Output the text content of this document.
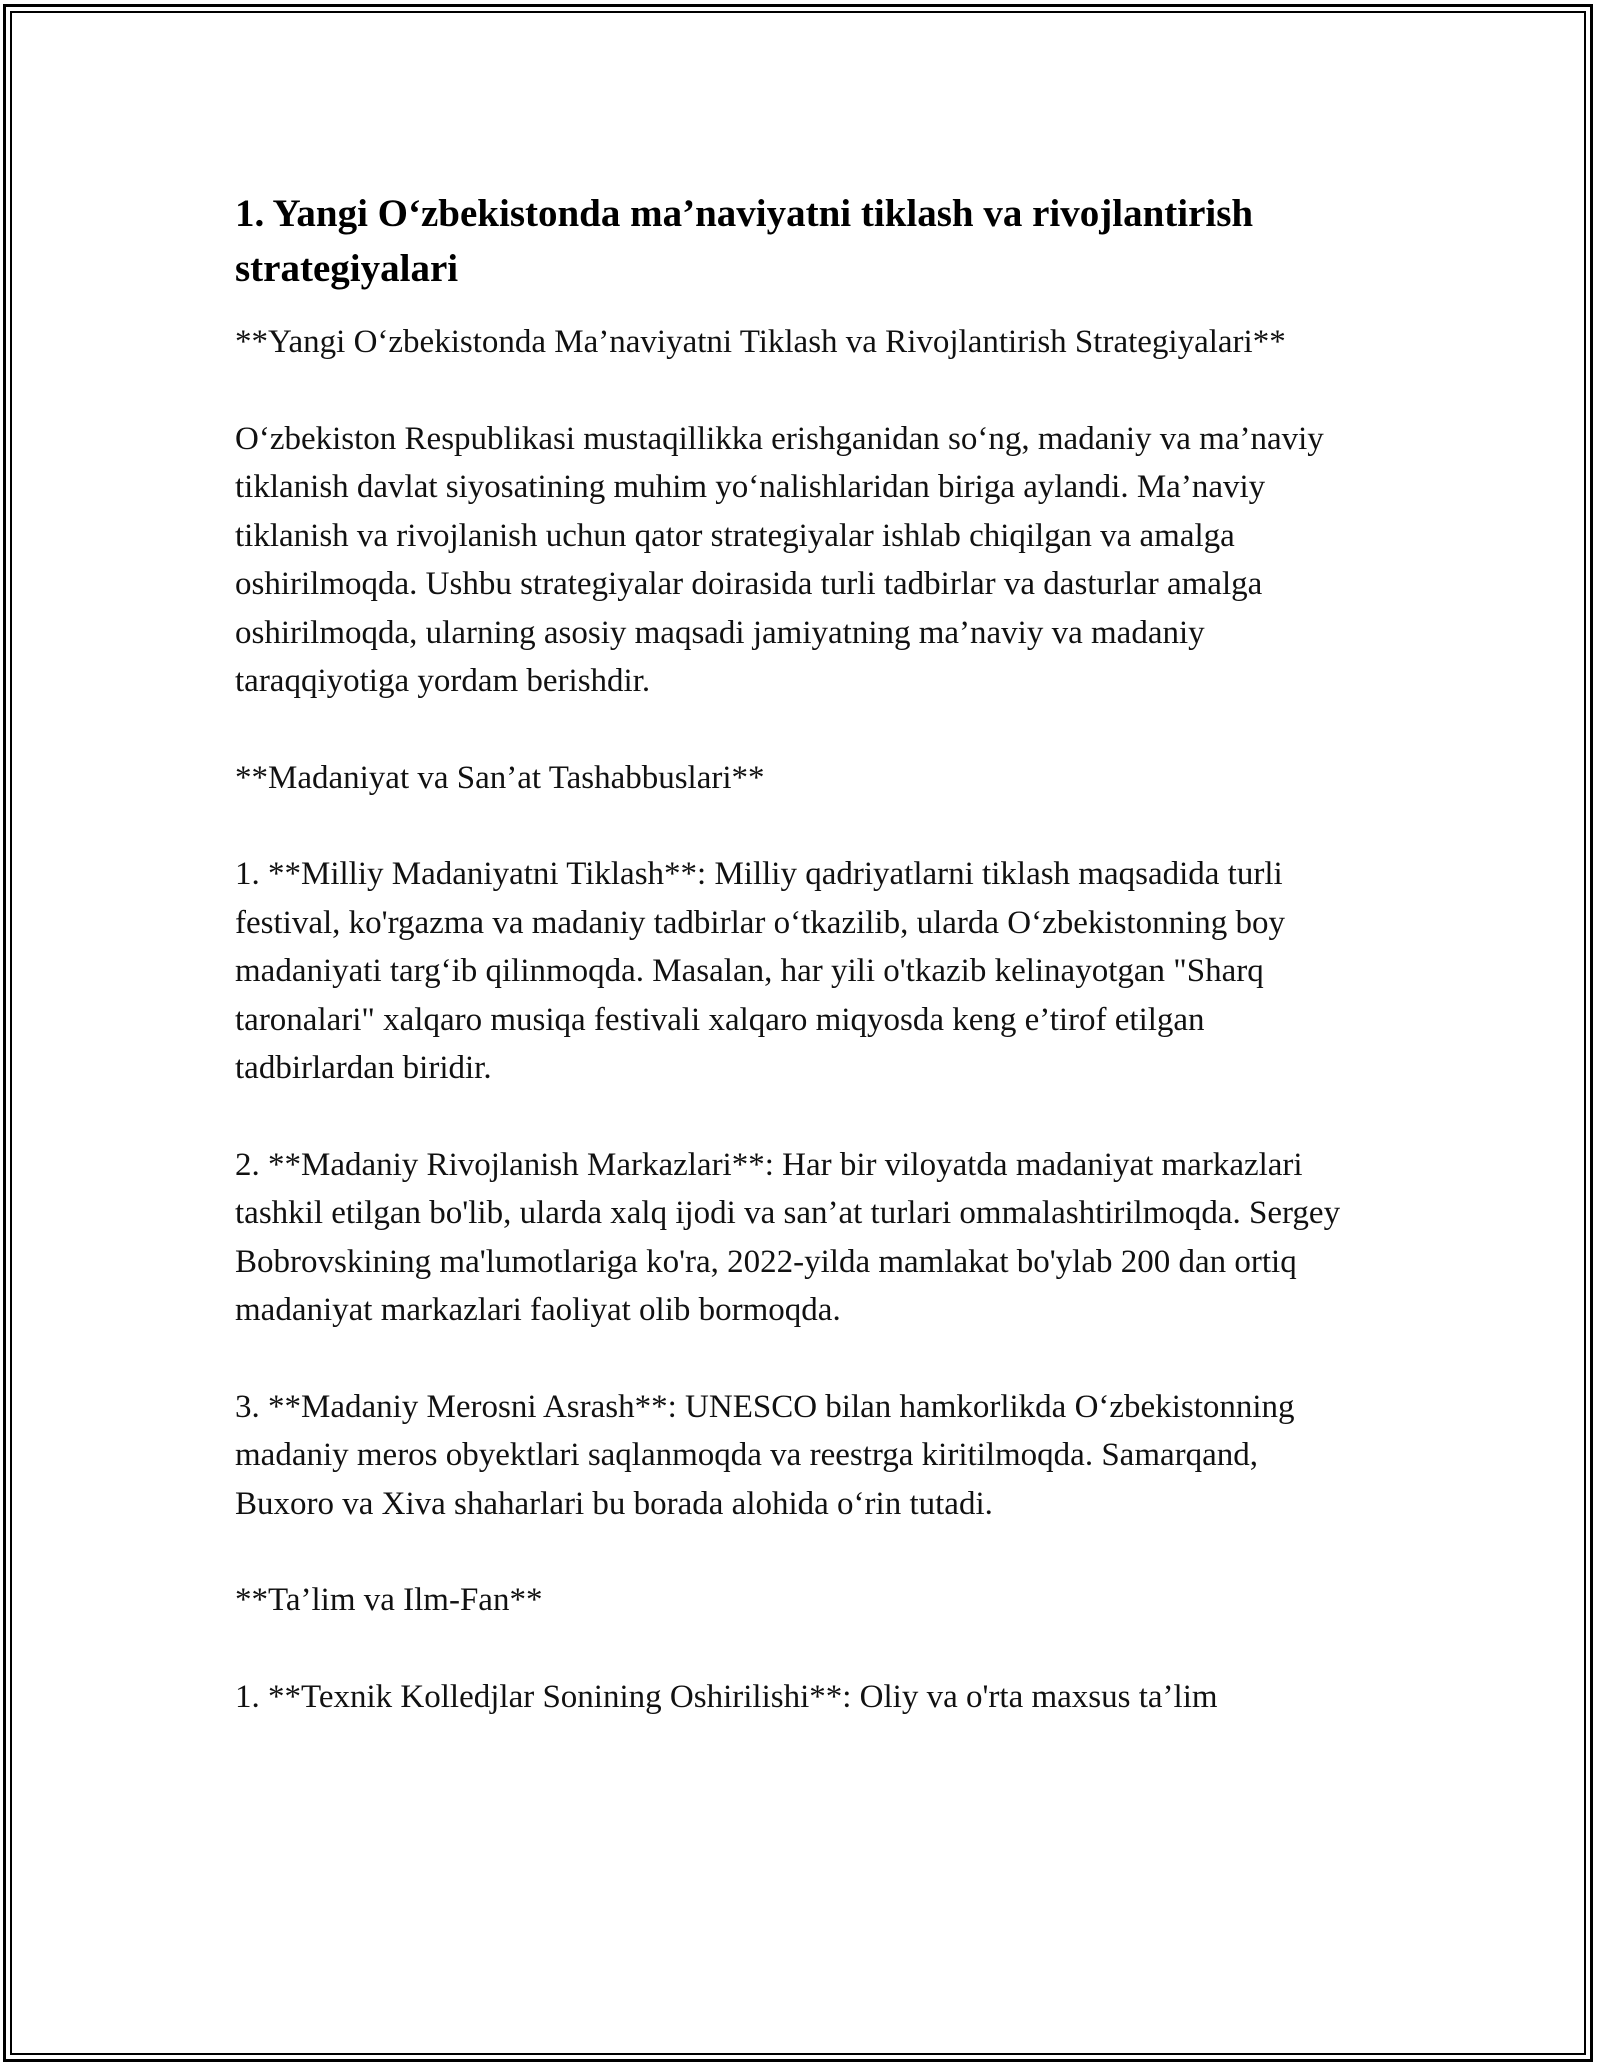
1. Yangi O‘zbekistonda ma’naviyatni tiklash va rivojlantirish strategiyalari

**Yangi O‘zbekistonda Ma’naviyatni Tiklash va Rivojlantirish Strategiyalari**

O‘zbekiston Respublikasi mustaqillikka erishganidan so‘ng, madaniy va ma’naviy tiklanish davlat siyosatining muhim yo‘nalishlaridan biriga aylandi. Ma’naviy tiklanish va rivojlanish uchun qator strategiyalar ishlab chiqilgan va amalga oshirilmoqda. Ushbu strategiyalar doirasida turli tadbirlar va dasturlar amalga oshirilmoqda, ularning asosiy maqsadi jamiyatning ma’naviy va madaniy taraqqiyotiga yordam berishdir.

**Madaniyat va San’at Tashabbuslari**

1. **Milliy Madaniyatni Tiklash**: Milliy qadriyatlarni tiklash maqsadida turli festival, ko'rgazma va madaniy tadbirlar o‘tkazilib, ularda O‘zbekistonning boy madaniyati targ‘ib qilinmoqda. Masalan, har yili o'tkazib kelinayotgan "Sharq taronalari" xalqaro musiqa festivali xalqaro miqyosda keng e’tirof etilgan tadbirlardan biridir.

2. **Madaniy Rivojlanish Markazlari**: Har bir viloyatda madaniyat markazlari tashkil etilgan bo'lib, ularda xalq ijodi va san’at turlari ommalashtirilmoqda. Sergey Bobrovskining ma'lumotlariga ko'ra, 2022-yilda mamlakat bo'ylab 200 dan ortiq madaniyat markazlari faoliyat olib bormoqda.

3. **Madaniy Merosni Asrash**: UNESCO bilan hamkorlikda O‘zbekistonning madaniy meros obyektlari saqlanmoqda va reestrga kiritilmoqda. Samarqand, Buxoro va Xiva shaharlari bu borada alohida o‘rin tutadi.

**Ta’lim va Ilm-Fan**

1. **Texnik Kolledjlar Sonining Oshirilishi**: Oliy va o'rta maxsus ta’lim
